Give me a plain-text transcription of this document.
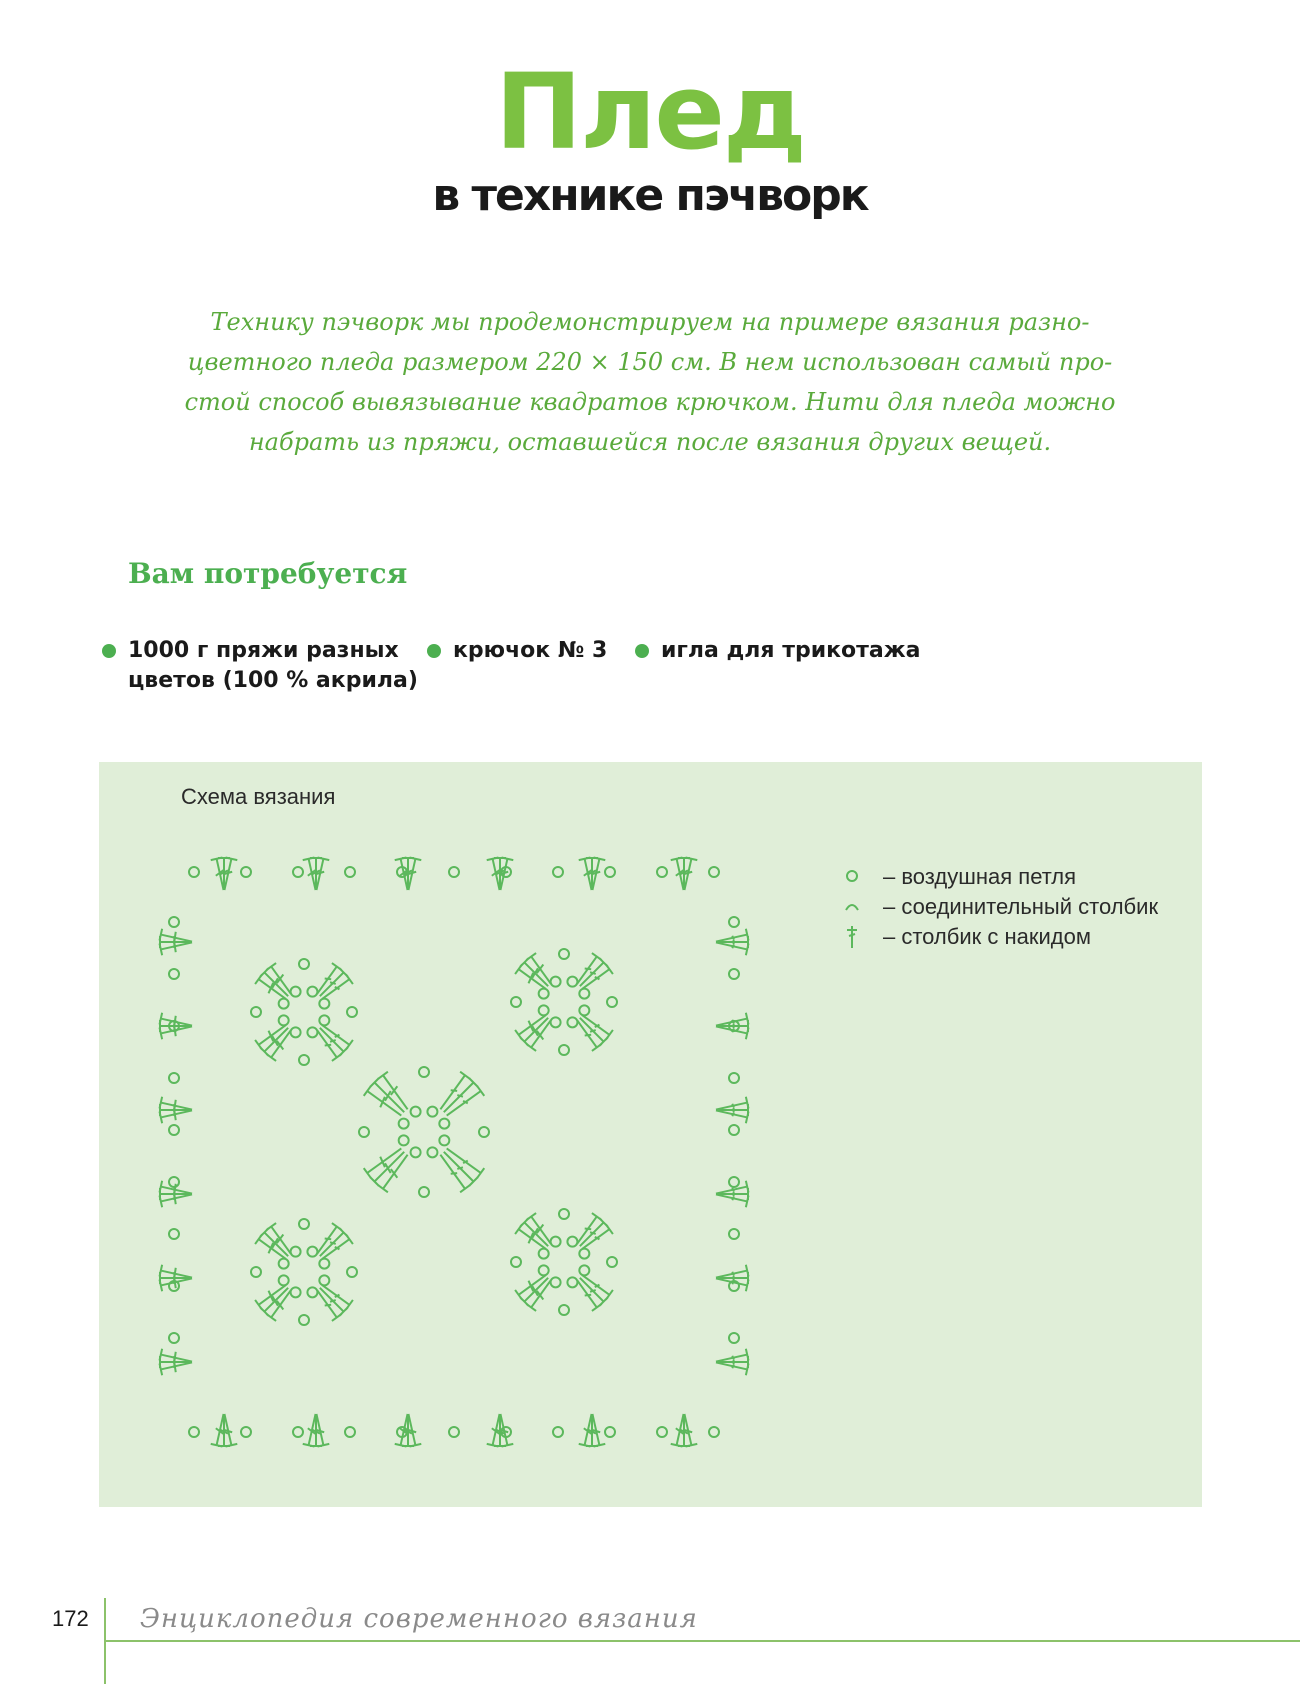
Плед
в технике пэчворк

Технику пэчворк мы продемонстрируем на примере вязания разно-
цветного пледа размером 220 × 150 см. В нем использован самый про-
стой способ вывязывание квадратов крючком. Нити для пледа можно
набрать из пряжи, оставшейся после вязания других вещей.

Вам потребуется
1000 г пряжи разных
цветов (100 % акрила)
крючок № 3 игла для трикотажа
Схема вязания
– воздушная петля
– соединительный столбик
– столбик с накидом
172 Энциклопедия современного вязания
